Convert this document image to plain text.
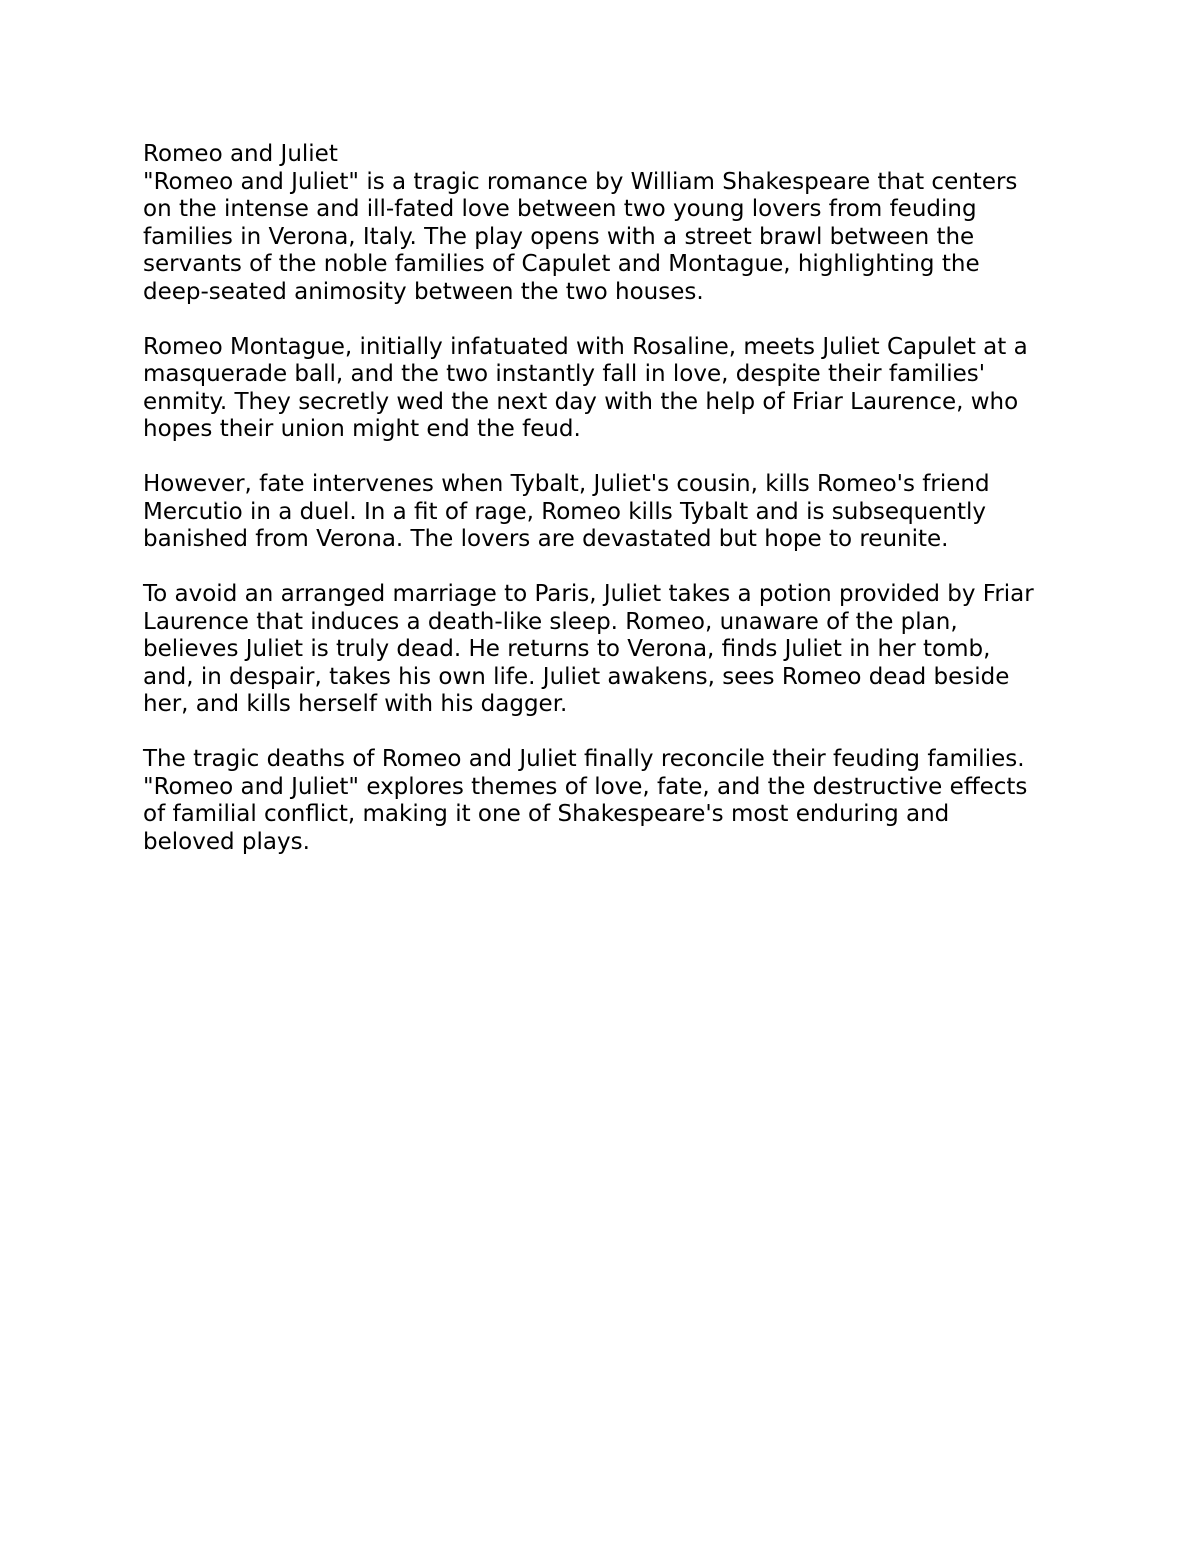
Romeo and Juliet
"Romeo and Juliet" is a tragic romance by William Shakespeare that centers
on the intense and ill-fated love between two young lovers from feuding
families in Verona, Italy. The play opens with a street brawl between the
servants of the noble families of Capulet and Montague, highlighting the
deep-seated animosity between the two houses.
Romeo Montague, initially infatuated with Rosaline, meets Juliet Capulet at a
masquerade ball, and the two instantly fall in love, despite their families'
enmity. They secretly wed the next day with the help of Friar Laurence, who
hopes their union might end the feud.
However, fate intervenes when Tybalt, Juliet's cousin, kills Romeo's friend
Mercutio in a duel. In a fit of rage, Romeo kills Tybalt and is subsequently
banished from Verona. The lovers are devastated but hope to reunite.
To avoid an arranged marriage to Paris, Juliet takes a potion provided by Friar
Laurence that induces a death-like sleep. Romeo, unaware of the plan,
believes Juliet is truly dead. He returns to Verona, finds Juliet in her tomb,
and, in despair, takes his own life. Juliet awakens, sees Romeo dead beside
her, and kills herself with his dagger.
The tragic deaths of Romeo and Juliet finally reconcile their feuding families.
"Romeo and Juliet" explores themes of love, fate, and the destructive effects
of familial conflict, making it one of Shakespeare's most enduring and
beloved plays.
